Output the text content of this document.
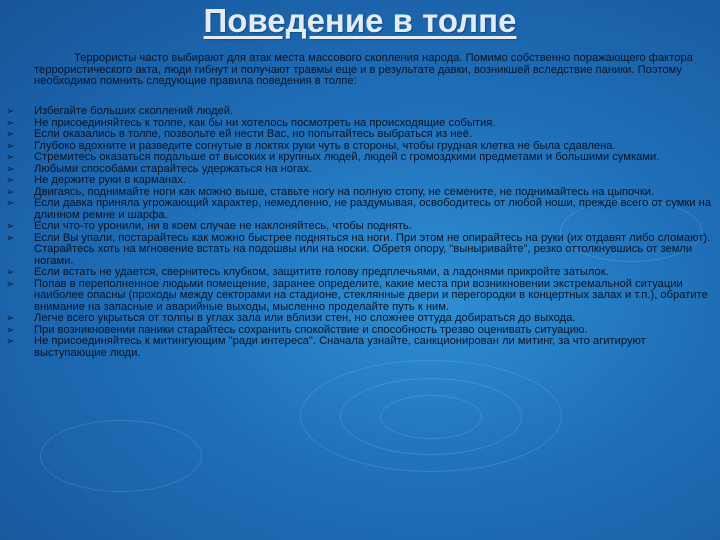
Поведение в толпе

Террористы часто выбирают для атак места массового скопления народа. Помимо собственно поражающего фактора террористического акта, люди гибнут и получают травмы еще и в результате давки, возникшей вследствие паники. Поэтому необходимо помнить следующие правила поведения в толпе:

➢ Избегайте больших скоплений людей.
➢ Не присоединяйтесь к толпе, как бы ни хотелось посмотреть на происходящие события.
➢ Если оказались в толпе, позвольте ей нести Вас, но попытайтесь выбраться из неё.
➢ Глубоко вдохните и разведите согнутые в локтях руки чуть в стороны, чтобы грудная клетка не была сдавлена.
➢ Стремитесь оказаться подальше от высоких и крупных людей, людей с громоздкими предметами и большими сумками.
➢ Любыми способами старайтесь удержаться на ногах.
➢ Не держите руки в карманах.
➢ Двигаясь, поднимайте ноги как можно выше, ставьте ногу на полную стопу, не семените, не поднимайтесь на цыпочки.
➢ Если давка приняла угрожающий характер, немедленно, не раздумывая, освободитесь от любой ноши, прежде всего от сумки на длинном ремне и шарфа.
➢ Если что-то уронили, ни в коем случае не наклоняйтесь, чтобы поднять.
➢ Если Вы упали, постарайтесь как можно быстрее подняться на ноги. При этом не опирайтесь на руки (их отдавят либо сломают). Старайтесь хоть на мгновение встать на подошвы или на носки. Обретя опору, "выныривайте", резко оттолкнувшись от земли ногами.
➢ Если встать не удается, свернитесь клубком, защитите голову предплечьями, а ладонями прикройте затылок.
➢ Попав в переполненное людьми помещение, заранее определите, какие места при возникновении экстремальной ситуации наиболее опасны (проходы между секторами на стадионе, стеклянные двери и перегородки в концертных залах и т.п.), обратите внимание на запасные и аварийные выходы, мысленно проделайте путь к ним.
➢ Легче всего укрыться от толпы в углах зала или вблизи стен, но сложнее оттуда добираться до выхода.
➢ При возникновении паники старайтесь сохранить спокойствие и способность трезво оценивать ситуацию.
➢ Не присоединяйтесь к митингующим "ради интереса". Сначала узнайте, санкционирован ли митинг, за что агитируют выступающие люди.
